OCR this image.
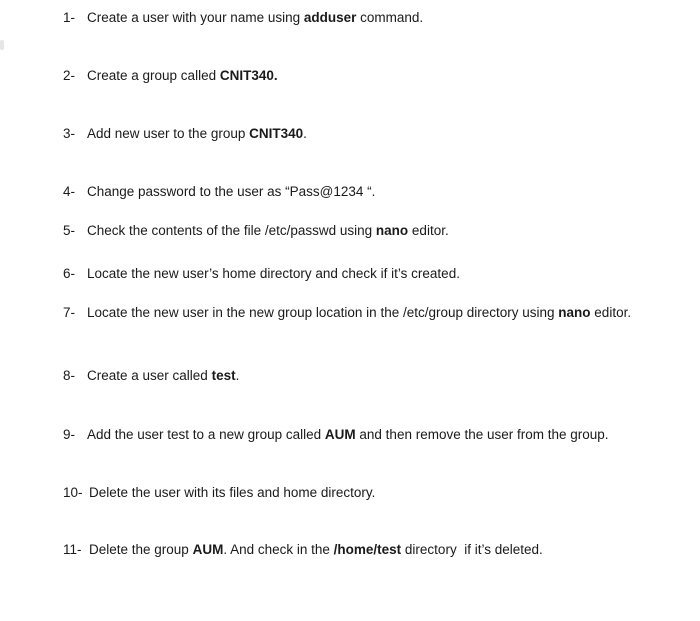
1- Create a user with your name using adduser command.
2- Create a group called CNIT340.
3- Add new user to the group CNIT340.
4- Change password to the user as “Pass@1234 “.
5- Check the contents of the file /etc/passwd using nano editor.
6- Locate the new user’s home directory and check if it’s created.
7- Locate the new user in the new group location in the /etc/group directory using nano editor.
8- Create a user called test.
9- Add the user test to a new group called AUM and then remove the user from the group.
10- Delete the user with its files and home directory.
11- Delete the group AUM. And check in the /home/test directory  if it’s deleted.
